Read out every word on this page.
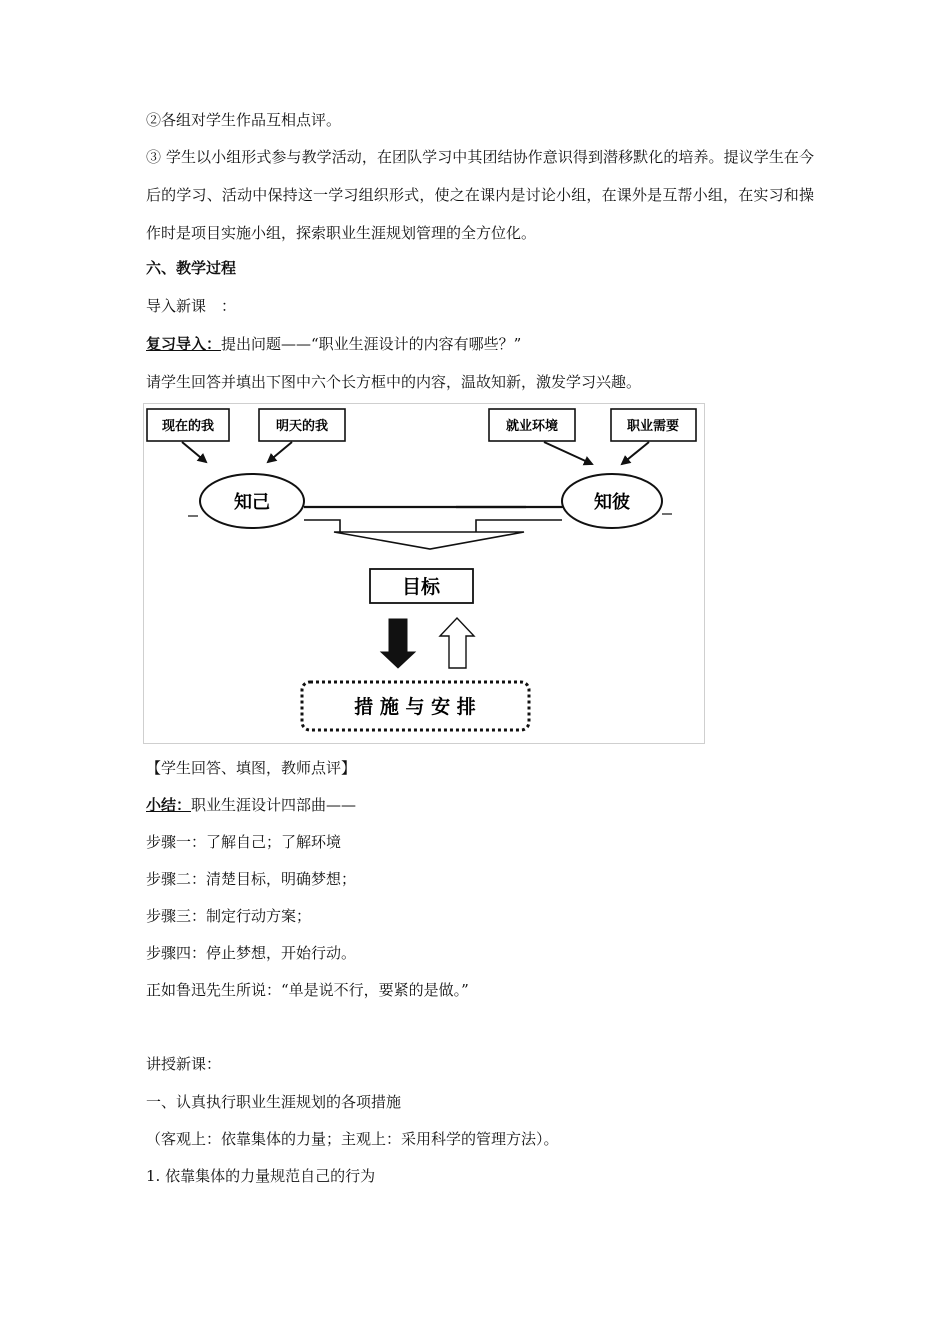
②各组对学生作品互相点评。
③ 学生以小组形式参与教学活动，在团队学习中其团结协作意识得到潜移默化的培养。提议学生在今后的学习、活动中保持这一学习组织形式，使之在课内是讨论小组，在课外是互帮小组，在实习和操作时是项目实施小组，探索职业生涯规划管理的全方位化。
六、教学过程
导入新课　：
复习导入：提出问题——“职业生涯设计的内容有哪些？”
请学生回答并填出下图中六个长方框中的内容，温故知新，激发学习兴趣。
现在的我	明天的我	就业环境	职业需要
知己	知彼
目标
措 施 与 安 排
【学生回答、填图，教师点评】
小结：职业生涯设计四部曲——
步骤一：了解自己；了解环境
步骤二：清楚目标，明确梦想；
步骤三：制定行动方案；
步骤四：停止梦想，开始行动。
正如鲁迅先生所说：“单是说不行，要紧的是做。”
讲授新课：
一、认真执行职业生涯规划的各项措施
（客观上：依靠集体的力量；主观上：采用科学的管理方法）。
1. 依靠集体的力量规范自己的行为
